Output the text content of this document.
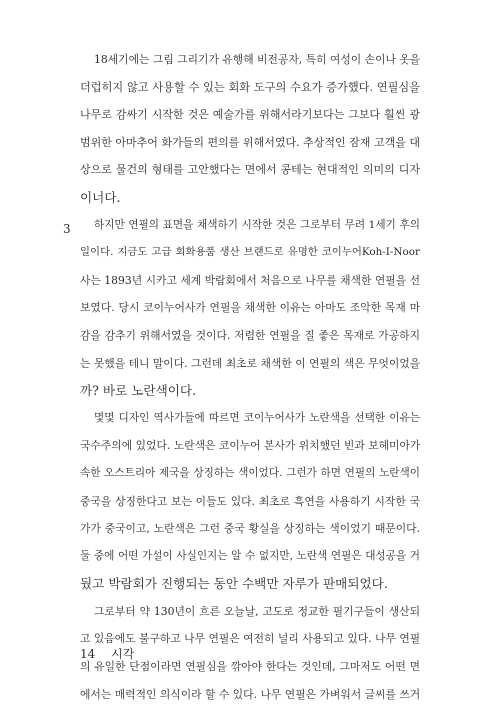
3
18세기에는 그림 그리기가 유행해 비전공자, 특히 여성이 손이나 옷을
더럽히지 않고 사용할 수 있는 회화 도구의 수요가 증가했다. 연필심을
나무로 감싸기 시작한 것은 예술가를 위해서라기보다는 그보다 훨씬 광
범위한 아마추어 화가들의 편의를 위해서였다. 추상적인 잠재 고객을 대
상으로 물건의 형태를 고안했다는 면에서 콩테는 현대적인 의미의 디자
이너다.
하지만 연필의 표면을 채색하기 시작한 것은 그로부터 무려 1세기 후의
일이다. 지금도 고급 회화용품 생산 브랜드로 유명한 코이누어Koh-I-Noor
사는 1893년 시카고 세계 박람회에서 처음으로 나무를 채색한 연필을 선
보였다. 당시 코이누어사가 연필을 채색한 이유는 아마도 조악한 목재 마
감을 감추기 위해서였을 것이다. 저렴한 연필을 질 좋은 목재로 가공하지
는 못했을 테니 말이다. 그런데 최초로 채색한 이 연필의 색은 무엇이었을
까? 바로 노란색이다.
몇몇 디자인 역사가들에 따르면 코이누어사가 노란색을 선택한 이유는
국수주의에 있었다. 노란색은 코이누어 본사가 위치했던 빈과 보헤미아가
속한 오스트리아 제국을 상징하는 색이었다. 그런가 하면 연필의 노란색이
중국을 상징한다고 보는 이들도 있다. 최초로 흑연을 사용하기 시작한 국
가가 중국이고, 노란색은 그런 중국 황실을 상징하는 색이었기 때문이다.
둘 중에 어떤 가설이 사실인지는 알 수 없지만, 노란색 연필은 대성공을 거
뒀고 박람회가 진행되는 동안 수백만 자루가 판매되었다.
그로부터 약 130년이 흐른 오늘날, 고도로 정교한 필기구들이 생산되
고 있음에도 불구하고 나무 연필은 여전히 널리 사용되고 있다. 나무 연필
의 유일한 단점이라면 연필심을 깎아야 한다는 것인데, 그마저도 어떤 면
에서는 매력적인 의식이라 할 수 있다. 나무 연필은 가벼워서 글씨를 쓰거
14 시각
